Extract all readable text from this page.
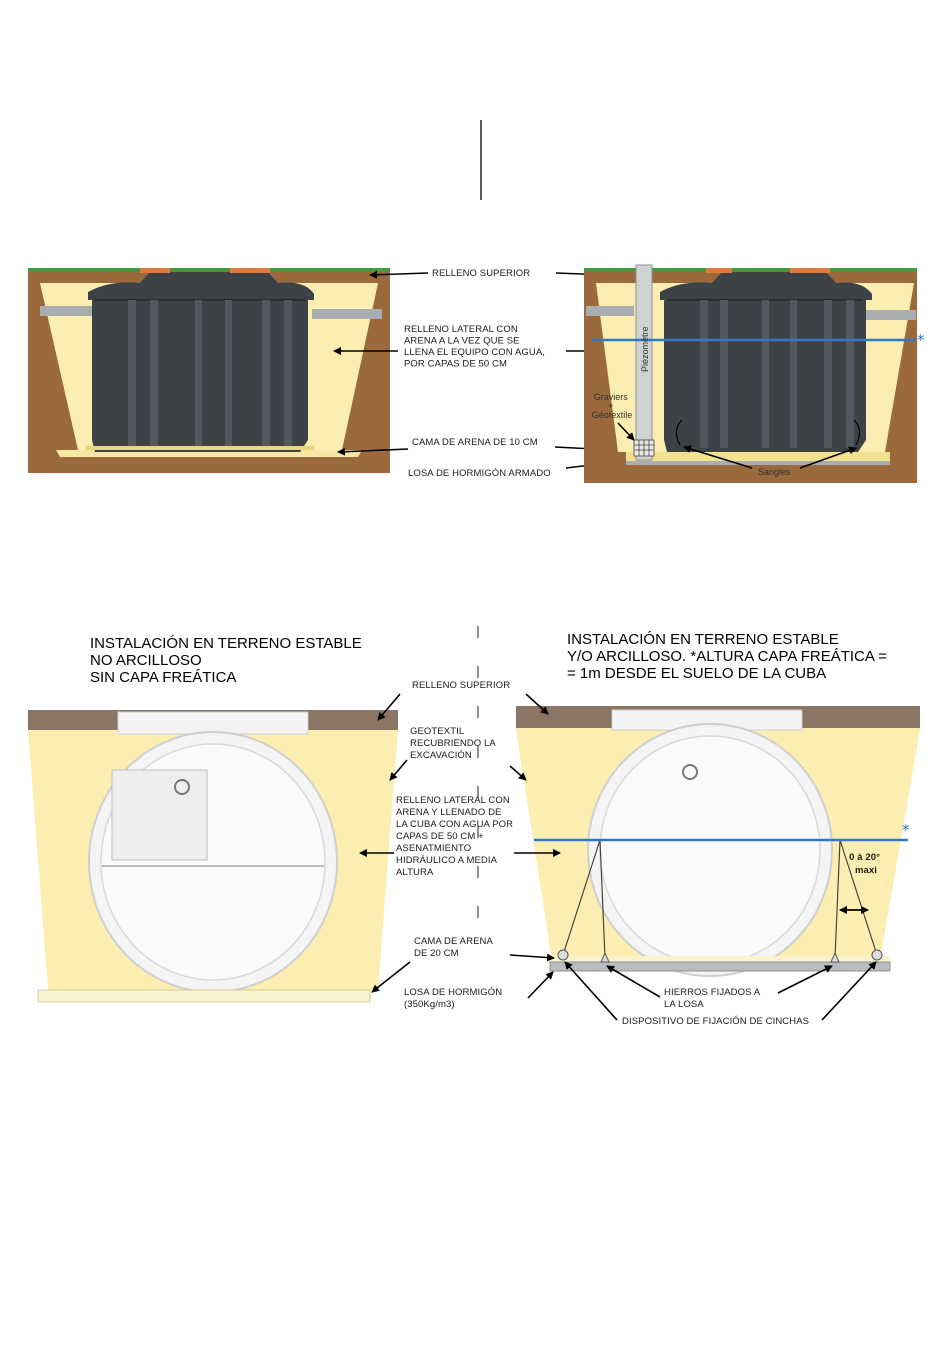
RELLENO SUPERIOR
RELLENO LATERAL CON ARENA A LA VEZ QUE SE LLENA EL EQUIPO CON AGUA, POR CAPAS DE 50 CM
CAMA DE ARENA DE 10 CM
LOSA DE HORMIGÓN ARMADO
Piézomètre
Graviers + Géotextile
Sangles
*
INSTALACIÓN EN TERRENO ESTABLE NO ARCILLOSO SIN CAPA FREÁTICA
INSTALACIÓN EN TERRENO ESTABLE Y/O ARCILLOSO. *ALTURA CAPA FREÁTICA = = 1m DESDE EL SUELO DE LA CUBA
*
0 à 20° maxi
RELLENO SUPERIOR
GEOTEXTIL RECUBRIENDO LA EXCAVACIÓN
RELLENO LATERAL CON ARENA Y LLENADO DE LA CUBA CON AGUA POR CAPAS DE 50 CM + ASENATMIENTO HIDRÁULICO A MEDIA ALTURA
CAMA DE ARENA DE 20 CM
LOSA DE HORMIGÓN (350Kg/m3)
HIERROS FIJADOS A LA LOSA
DISPOSITIVO DE FIJACIÓN DE CINCHAS
